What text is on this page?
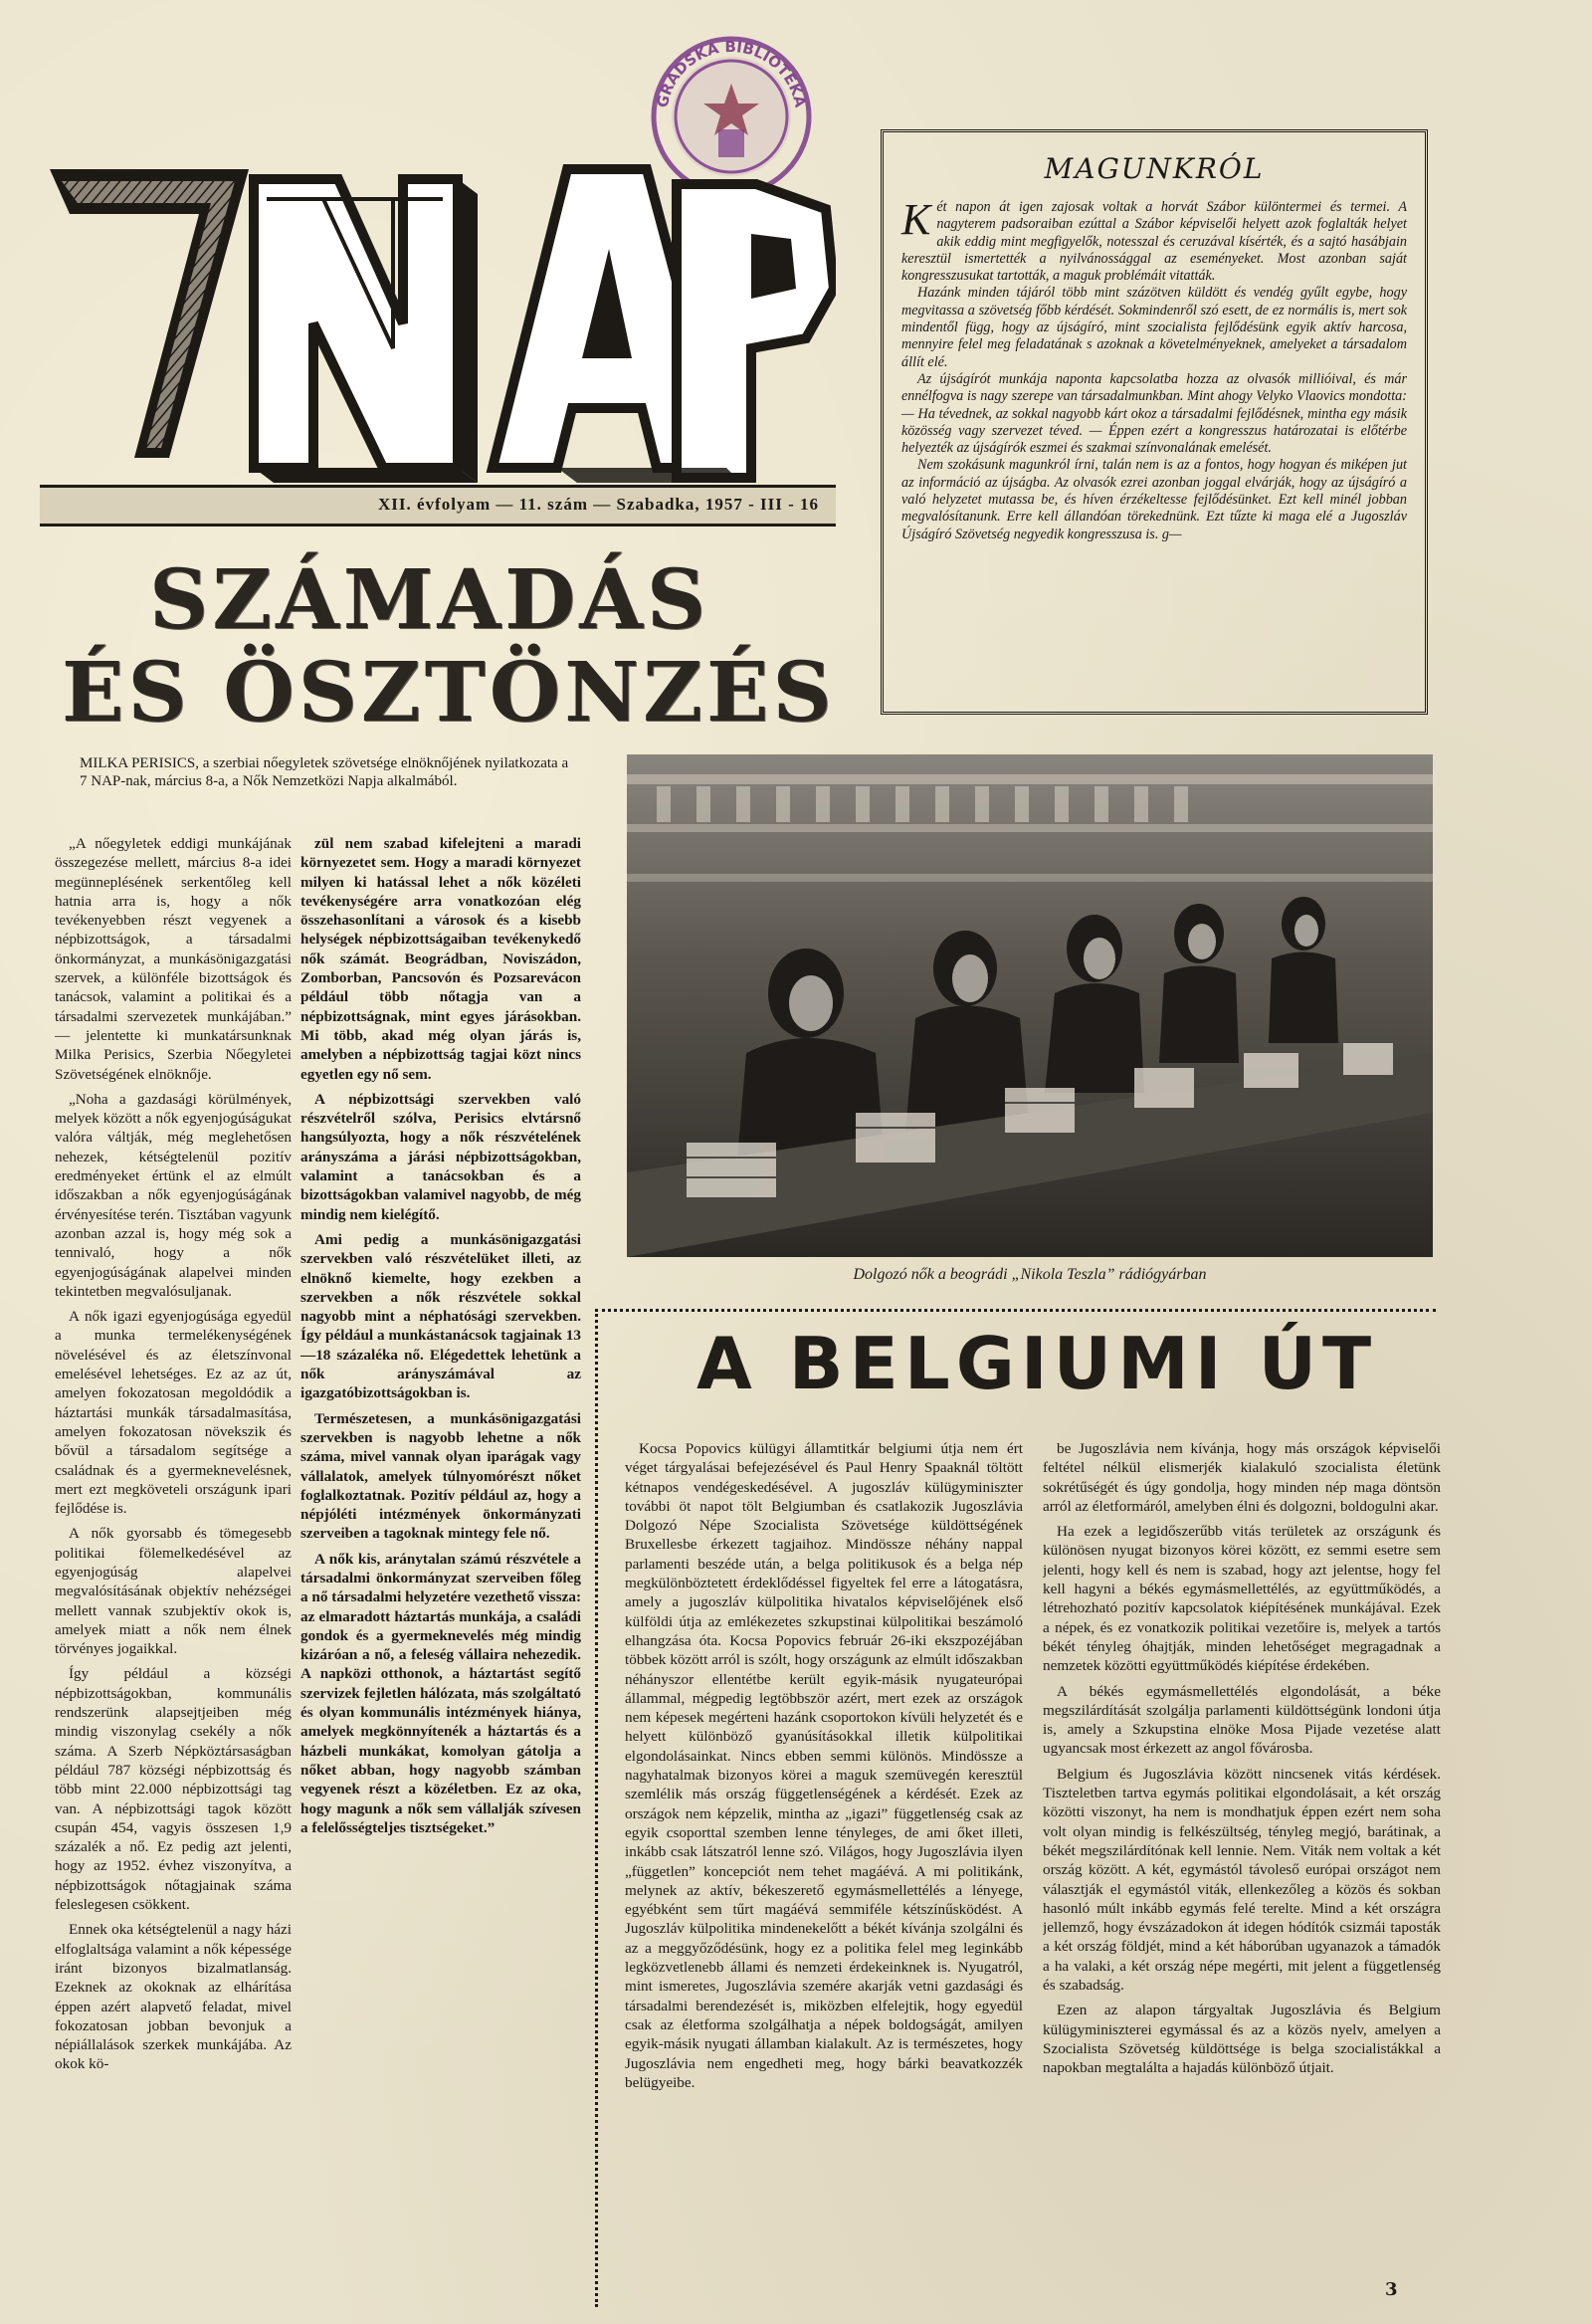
GRADSKA BIBLIOTEKA
XII. évfolyam — 11. szám — Szabadka, 1957 - III - 16
SZÁMADÁS
ÉS ÖSZTÖNZÉS
MILKA PERISICS, a szerbiai nőegyletek szövetsége elnöknőjének nyilatkozata a 7 NAP-nak, március 8-a, a Nők Nemzetközi Napja alkalmából.

„A nőegyletek eddigi munkájának összegezése mellett, március 8-a idei megünneplésének serkentőleg kell hatnia arra is, hogy a nők tevékenyebben részt vegyenek a népbizottságok, a társadalmi önkormányzat, a munkásönigazgatási szervek, a különféle bizottságok és tanácsok, valamint a politikai és a társadalmi szervezetek munkájában.” — jelentette ki munkatársunknak Milka Perisics, Szerbia Nőegyletei Szövetségének elnöknője.

„Noha a gazdasági körülmények, melyek között a nők egyenjogúságukat valóra váltják, még meglehetősen nehezek, kétségtelenül pozitív eredményeket értünk el az elmúlt időszakban a nők egyenjogúságának érvényesítése terén. Tisztában vagyunk azonban azzal is, hogy még sok a tennivaló, hogy a nők egyenjogúságának alapelvei minden tekintetben megvalósuljanak.

A nők igazi egyenjogúsága egyedül a munka termelékenységének növelésével és az életszínvonal emelésével lehetséges. Ez az az út, amelyen fokozatosan megoldódik a háztartási munkák társadalmasítása, amelyen fokozatosan növekszik és bővül a társadalom segítsége a családnak és a gyermeknevelésnek, mert ezt megköveteli országunk ipari fejlődése is.

A nők gyorsabb és tömegesebb politikai fölemelkedésével az egyenjogúság alapelvei megvalósításának objektív nehézségei mellett vannak szubjektív okok is, amelyek miatt a nők nem élnek törvényes jogaikkal.

Így például a községi népbizottságokban, kommunális rendszerünk alapsejtjeiben még mindig viszonylag csekély a nők száma. A Szerb Népköztársaságban például 787 községi népbizottság és több mint 22.000 népbizottsági tag van. A népbizottsági tagok között csupán 454, vagyis összesen 1,9 százalék a nő. Ez pedig azt jelenti, hogy az 1952. évhez viszonyítva, a népbizottságok nőtagjainak száma feleslegesen csökkent.

Ennek oka kétségtelenül a nagy házi elfoglaltsága valamint a nők képessége iránt bizonyos bizalmatlanság. Ezeknek az okoknak az elhárítása éppen azért alapvető feladat, mivel fokozatosan jobban bevonjuk a népiállalások szerkek munkájába. Az okok kö-

zül nem szabad kifelejteni a maradi környezetet sem. Hogy a maradi környezet milyen ki hatással lehet a nők közéleti tevékenységére arra vonatkozóan elég összehasonlítani a városok és a kisebb helységek népbizottságaiban tevékenykedő nők számát. Beográdban, Noviszádon, Zomborban, Pancsovón és Pozsarevácon például több nőtagja van a népbizottságnak, mint egyes járásokban. Mi több, akad még olyan járás is, amelyben a népbizottság tagjai közt nincs egyetlen egy nő sem.

A népbizottsági szervekben való részvételről szólva, Perisics elvtársnő hangsúlyozta, hogy a nők részvételének arányszáma a járási népbizottságokban, valamint a tanácsokban és a bizottságokban valamivel nagyobb, de még mindig nem kielégítő.

Ami pedig a munkásönigazgatási szervekben való részvételüket illeti, az elnöknő kiemelte, hogy ezekben a szervekben a nők részvétele sokkal nagyobb mint a néphatósági szervekben. Így például a munkástanácsok tagjainak 13—18 százaléka nő. Elégedettek lehetünk a nők arányszámával az igazgatóbizottságokban is.

Természetesen, a munkásönigazgatási szervekben is nagyobb lehetne a nők száma, mivel vannak olyan iparágak vagy vállalatok, amelyek túlnyomórészt nőket foglalkoztatnak. Pozitív például az, hogy a népjóléti intézmények önkormányzati szerveiben a tagoknak mintegy fele nő.

A nők kis, aránytalan számú részvétele a társadalmi önkormányzat szerveiben főleg a nő társadalmi helyzetére vezethető vissza: az elmaradott háztartás munkája, a családi gondok és a gyermeknevelés még mindig kizáróan a nő, a feleség vállaira nehezedik. A napközi otthonok, a háztartást segítő szervizek fejletlen hálózata, más szolgáltató és olyan kommunális intézmények hiánya, amelyek megkönnyítenék a háztartás és a házbeli munkákat, komolyan gátolja a nőket abban, hogy nagyobb számban vegyenek részt a közéletben. Ez az oka, hogy magunk a nők sem vállalják szívesen a felelősségteljes tisztségeket.”

MAGUNKRÓL

Két napon át igen zajosak voltak a horvát Szábor különtermei és termei. A nagyterem padsoraiban ezúttal a Szábor képviselői helyett azok foglalták helyet akik eddig mint megfigyelők, notesszal és ceruzával kísérték, és a sajtó hasábjain keresztül ismertették a nyilvánossággal az eseményeket. Most azonban saját kongresszusukat tartották, a maguk problémáit vitatták.

Hazánk minden tájáról több mint százötven küldött és vendég gyűlt egybe, hogy megvitassa a szövetség főbb kérdését. Sokmindenről szó esett, de ez normális is, mert sok mindentől függ, hogy az újságíró, mint szocialista fejlődésünk egyik aktív harcosa, mennyire felel meg feladatának s azoknak a követelményeknek, amelyeket a társadalom állít elé.

Az újságírót munkája naponta kapcsolatba hozza az olvasók millióival, és már ennélfogva is nagy szerepe van társadalmunkban. Mint ahogy Velyko Vlaovics mondotta: — Ha tévednek, az sokkal nagyobb kárt okoz a társadalmi fejlődésnek, mintha egy másik közösség vagy szervezet téved. — Éppen ezért a kongresszus határozatai is előtérbe helyezték az újságírók eszmei és szakmai színvonalának emelését.

Nem szokásunk magunkról írni, talán nem is az a fontos, hogy hogyan és miképen jut az információ az újságba. Az olvasók ezrei azonban joggal elvárják, hogy az újságíró a való helyzetet mutassa be, és híven érzékeltesse fejlődésünket. Ezt kell minél jobban megvalósítanunk. Erre kell állandóan törekednünk. Ezt tűzte ki maga elé a Jugoszláv Újságíró Szövetség negyedik kongresszusa is. g—

Dolgozó nők a beográdi „Nikola Teszla” rádiógyárban
A BELGIUMI ÚT

Kocsa Popovics külügyi államtitkár belgiumi útja nem ért véget tárgyalásai befejezésével és Paul Henry Spaaknál töltött kétnapos vendégeskedésével. A jugoszláv külügyminiszter további öt napot tölt Belgiumban és csatlakozik Jugoszlávia Dolgozó Népe Szocialista Szövetsége küldöttségének Bruxellesbe érkezett tagjaihoz. Mindössze néhány nappal parlamenti beszéde után, a belga politikusok és a belga nép megkülönböztetett érdeklődéssel figyeltek fel erre a látogatásra, amely a jugoszláv külpolitika hivatalos képviselőjének első külföldi útja az emlékezetes szkupstinai külpolitikai beszámoló elhangzása óta. Kocsa Popovics február 26-iki ekszpozéjában többek között arról is szólt, hogy országunk az elmúlt időszakban néhányszor ellentétbe került egyik-másik nyugateurópai állammal, mégpedig legtöbbször azért, mert ezek az országok nem képesek megérteni hazánk csoportokon kívüli helyzetét és e helyett különböző gyanúsításokkal illetik külpolitikai elgondolásainkat. Nincs ebben semmi különös. Mindössze a nagyhatalmak bizonyos körei a maguk szemüvegén keresztül szemlélik más ország függetlenségének a kérdését. Ezek az országok nem képzelik, mintha az „igazi” függetlenség csak az egyik csoporttal szemben lenne tényleges, de ami őket illeti, inkább csak látszatról lenne szó. Világos, hogy Jugoszlávia ilyen „független” koncepciót nem tehet magáévá. A mi politikánk, melynek az aktív, békeszerető egymásmellettélés a lényege, egyébként sem tűrt magáévá semmiféle kétszínűsködést. A Jugoszláv külpolitika mindenekelőtt a békét kívánja szolgálni és az a meggyőződésünk, hogy ez a politika felel meg leginkább legközvetlenebb állami és nemzeti érdekeinknek is. Nyugatról, mint ismeretes, Jugoszlávia szemére akarják vetni gazdasági és társadalmi berendezését is, miközben elfelejtik, hogy egyedül csak az életforma szolgálhatja a népek boldogságát, amilyen egyik-másik nyugati államban kialakult. Az is természetes, hogy Jugoszlávia nem engedheti meg, hogy bárki beavatkozzék belügyeibe.

be Jugoszlávia nem kívánja, hogy más országok képviselői feltétel nélkül elismerjék kialakuló szocialista életünk sokrétűségét és úgy gondolja, hogy minden nép maga döntsön arról az életformáról, amelyben élni és dolgozni, boldogulni akar.

Ha ezek a legidőszerűbb vitás területek az országunk és különösen nyugat bizonyos körei között, ez semmi esetre sem jelenti, hogy kell és nem is szabad, hogy azt jelentse, hogy fel kell hagyni a békés egymásmellettélés, az együttműködés, a létrehozható pozitív kapcsolatok kiépítésének munkájával. Ezek a népek, és ez vonatkozik politikai vezetőire is, melyek a tartós békét tényleg óhajtják, minden lehetőséget megragadnak a nemzetek közötti együttműködés kiépítése érdekében.

A békés egymásmellettélés elgondolását, a béke megszilárdítását szolgálja parlamenti küldöttségünk londoni útja is, amely a Szkupstina elnöke Mosa Pijade vezetése alatt ugyancsak most érkezett az angol fővárosba.

Belgium és Jugoszlávia között nincsenek vitás kérdések. Tiszteletben tartva egymás politikai elgondolásait, a két ország közötti viszonyt, ha nem is mondhatjuk éppen ezért nem soha volt olyan mindig is felkészültség, tényleg megjó, barátinak, a békét megszilárdítónak kell lennie. Nem. Viták nem voltak a két ország között. A két, egymástól távoleső európai országot nem választják el egymástól viták, ellenkezőleg a közös és sokban hasonló múlt inkább egymás felé terelte. Mind a két országra jellemző, hogy évszázadokon át idegen hódítók csizmái taposták a két ország földjét, mind a két háborúban ugyanazok a támadók a ha valaki, a két ország népe megérti, mit jelent a függetlenség és szabadság.

Ezen az alapon tárgyaltak Jugoszlávia és Belgium külügyminiszterei egymással és az a közös nyelv, amelyen a Szocialista Szövetség küldöttsége is belga szocialistákkal a napokban megtalálta a hajadás különböző útjait.

3
